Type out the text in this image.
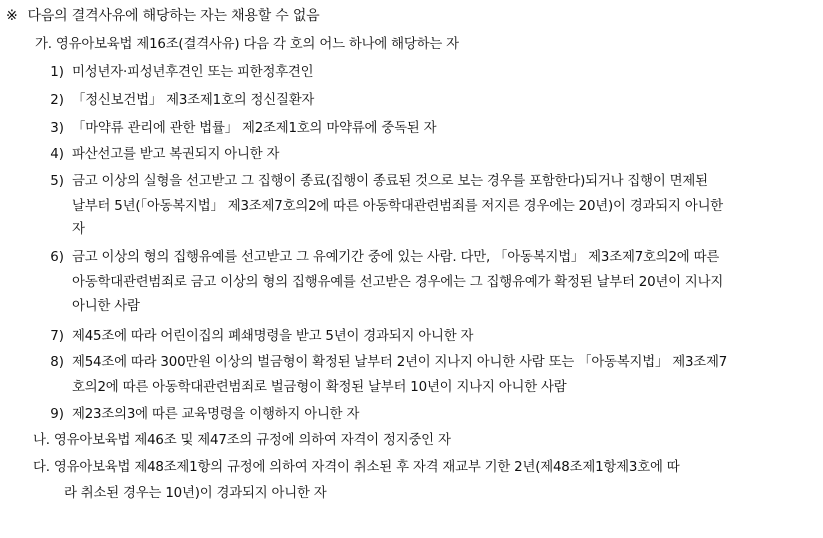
※ 다음의 결격사유에 해당하는 자는 채용할 수 없음
가. 영유아보육법 제16조(결격사유) 다음 각 호의 어느 하나에 해당하는 자
1) 미성년자·피성년후견인 또는 피한정후견인
2) 「정신보건법」 제3조제1호의 정신질환자
3) 「마약류 관리에 관한 법률」 제2조제1호의 마약류에 중독된 자
4) 파산선고를 받고 복권되지 아니한 자
5) 금고 이상의 실형을 선고받고 그 집행이 종료(집행이 종료된 것으로 보는 경우를 포함한다)되거나 집행이 면제된
날부터 5년(「아동복지법」 제3조제7호의2에 따른 아동학대관련범죄를 저지른 경우에는 20년)이 경과되지 아니한
자
6) 금고 이상의 형의 집행유예를 선고받고 그 유예기간 중에 있는 사람. 다만, 「아동복지법」 제3조제7호의2에 따른
아동학대관련범죄로 금고 이상의 형의 집행유예를 선고받은 경우에는 그 집행유예가 확정된 날부터 20년이 지나지
아니한 사람
7) 제45조에 따라 어린이집의 폐쇄명령을 받고 5년이 경과되지 아니한 자
8) 제54조에 따라 300만원 이상의 벌금형이 확정된 날부터 2년이 지나지 아니한 사람 또는 「아동복지법」 제3조제7
호의2에 따른 아동학대관련범죄로 벌금형이 확정된 날부터 10년이 지나지 아니한 사람
9) 제23조의3에 따른 교육명령을 이행하지 아니한 자
나. 영유아보육법 제46조 및 제47조의 규정에 의하여 자격이 정지중인 자
다. 영유아보육법 제48조제1항의 규정에 의하여 자격이 취소된 후 자격 재교부 기한 2년(제48조제1항제3호에 따
라 취소된 경우는 10년)이 경과되지 아니한 자
